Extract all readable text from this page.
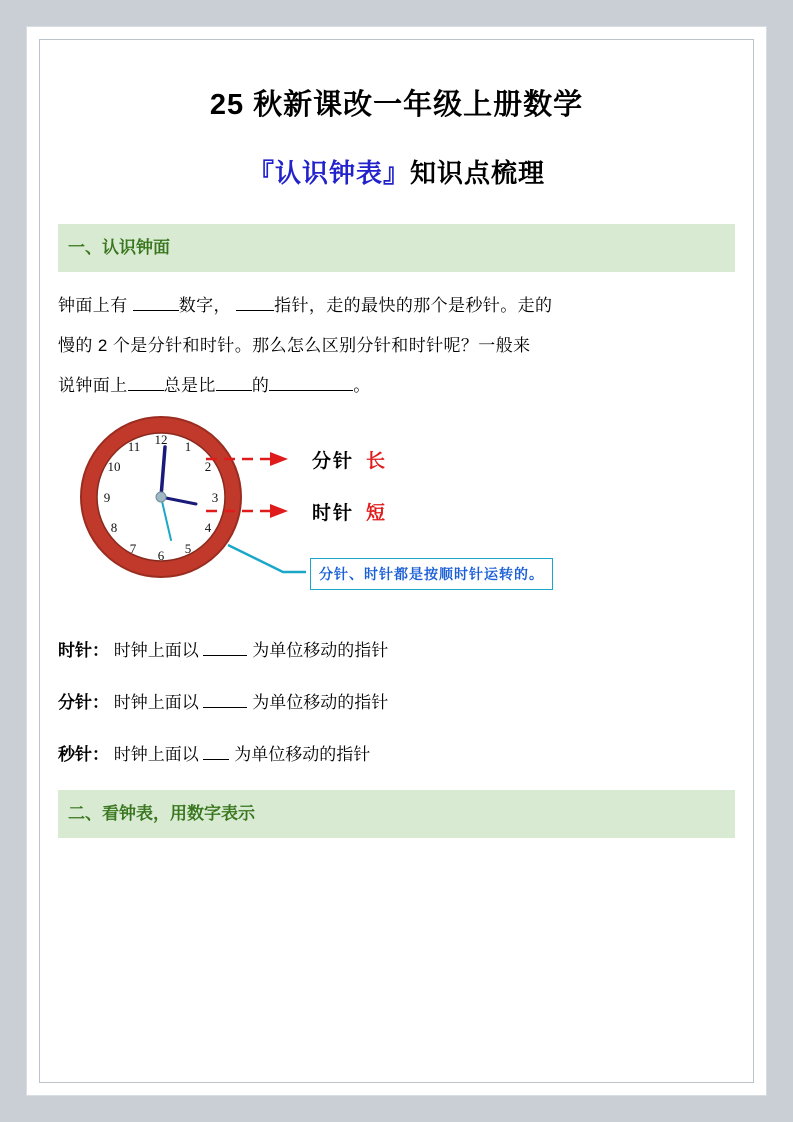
25 秋新课改一年级上册数学
『认识钟表』知识点梳理
一、认识钟面
钟面上有	数字，	指针，走的最快的那个是秒针。走的
慢的 2 个是分针和时针。那么怎么区别分针和时针呢？一般来
说钟面上 总是比 的	。
12 1
2
3
4
5
6
7
8
9
10
11
分针 长
时针 短
分针、时针都是按顺时针运转的。
时针： 时钟上面以	为单位移动的指针
分针： 时钟上面以	为单位移动的指针
秒针： 时钟上面以 为单位移动的指针
二、看钟表，用数字表示
